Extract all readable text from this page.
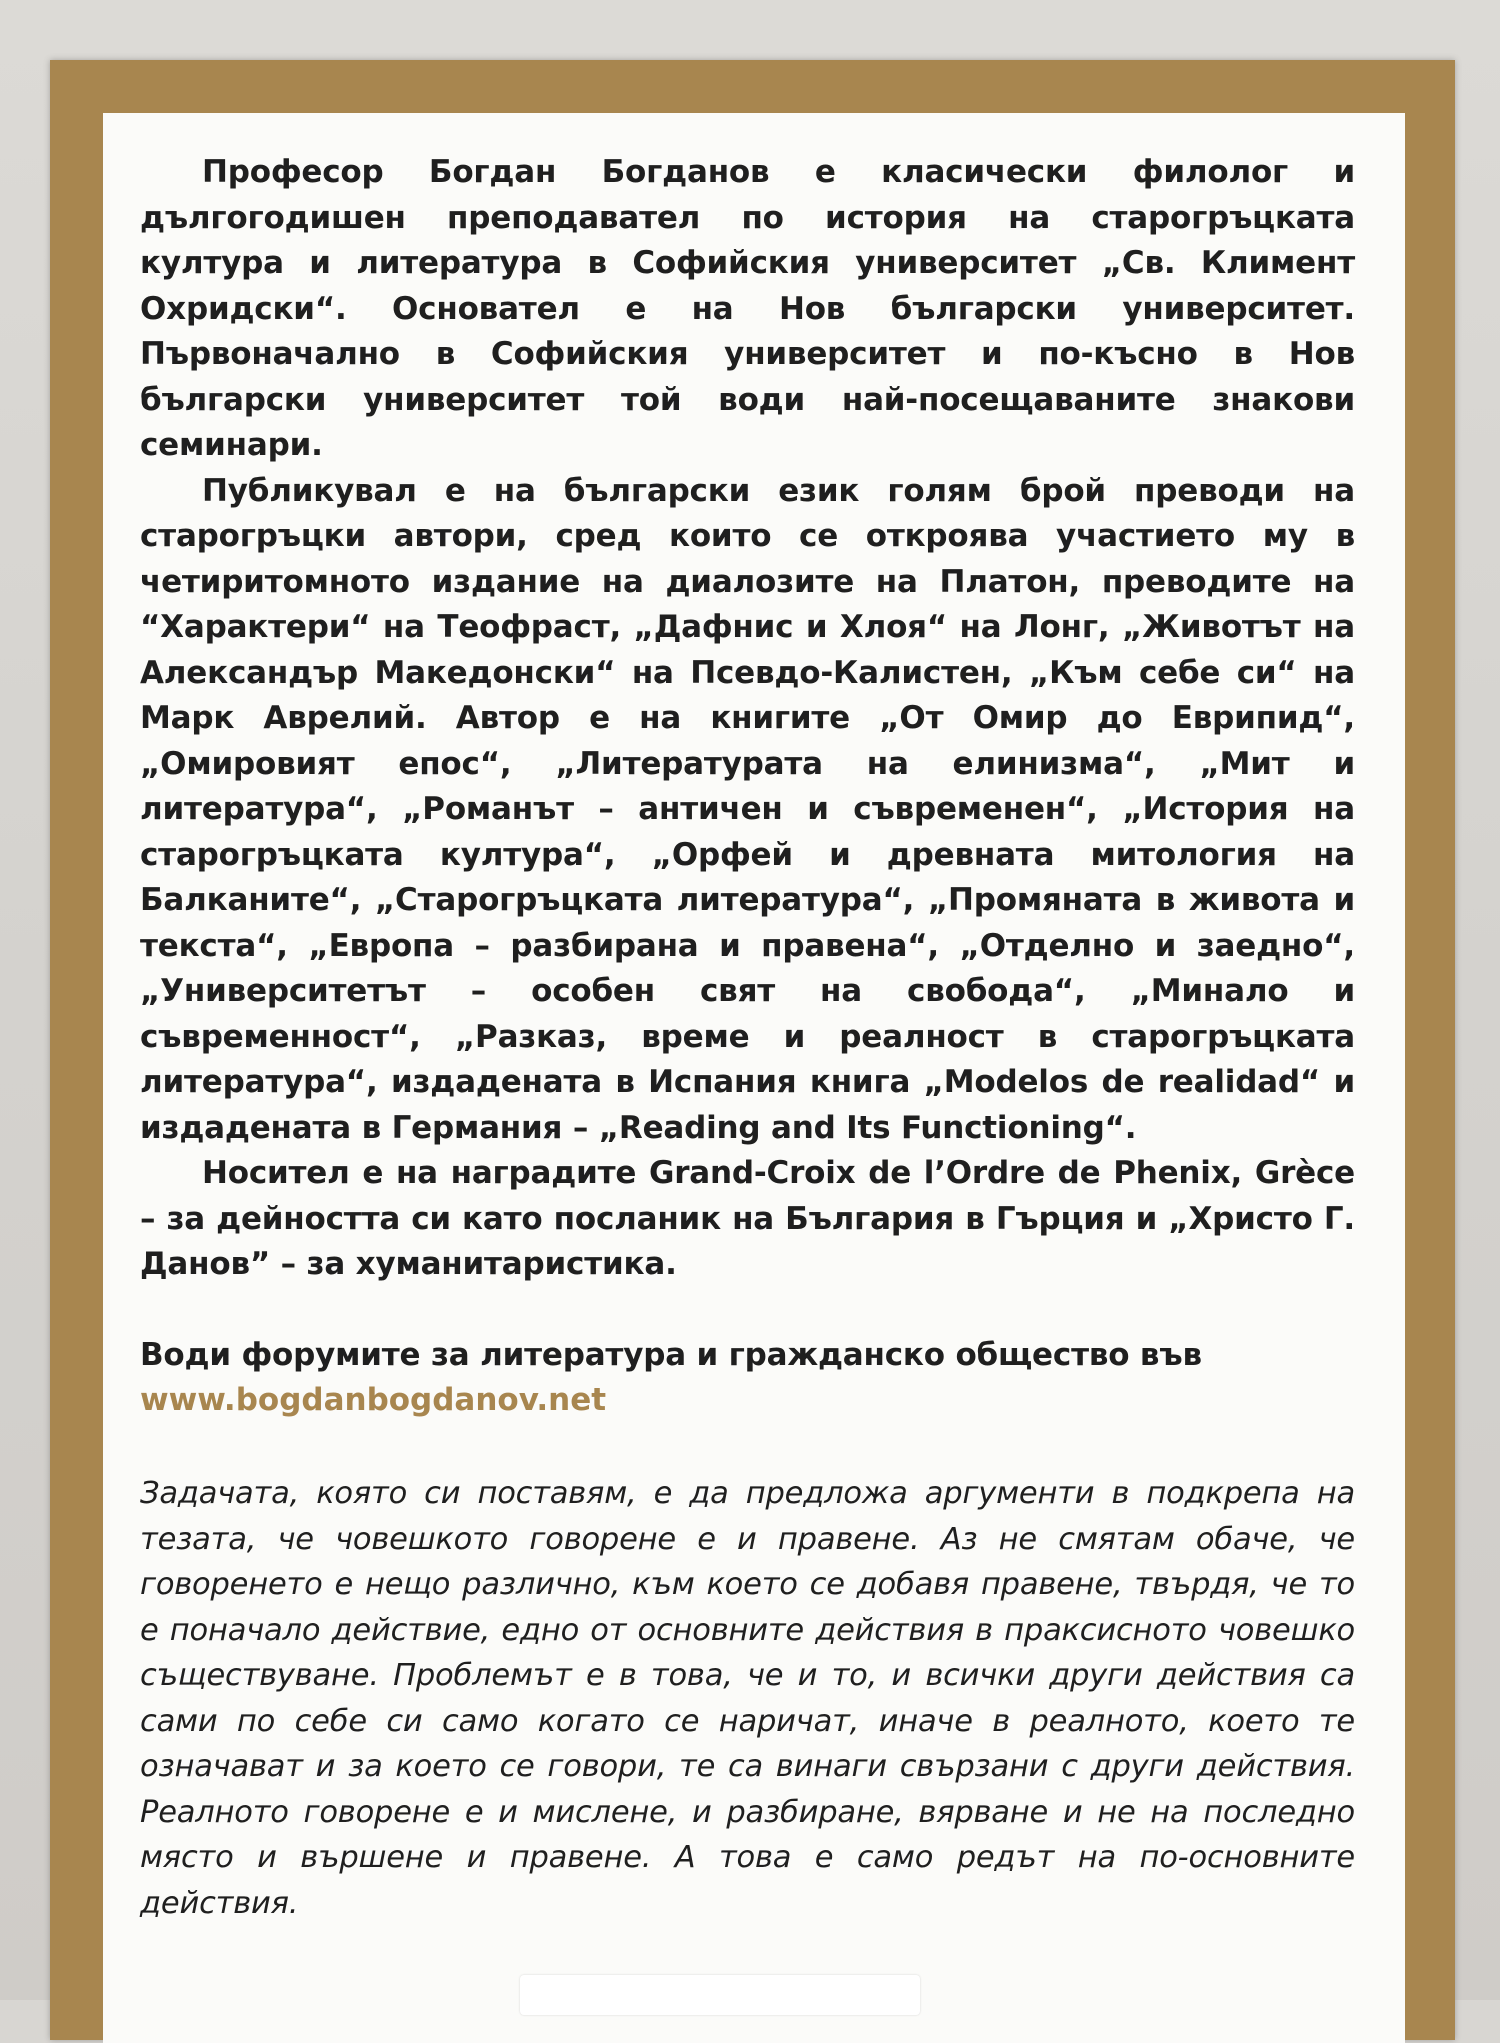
Професор Богдан Богданов е класически филолог и дългогодишен преподавател по история на старогръцката култура и литература в Софийския университет „Св. Климент Охридски“. Основател е на Нов български университет. Първоначално в Софийския университет и по-късно в Нов български университет той води най-посещаваните знакови семинари.

Публикувал е на български език голям брой преводи на старогръцки автори, сред които се откроява участието му в четиритомното издание на диалозите на Платон, преводите на “Характери“ на Теофраст, „Дафнис и Хлоя“ на Лонг, „Животът на Александър Македонски“ на Псевдо-Калистен, „Към себе си“ на Марк Аврелий. Автор е на книгите „От Омир до Еврипид“, „Омировият епос“, „Литературата на елинизма“, „Мит и литература“, „Романът – античен и съвременен“, „История на старогръцката култура“, „Орфей и древната митология на Балканите“, „Старогръцката литература“, „Промяната в живота и текста“, „Европа – разбирана и правена“, „Отделно и заедно“, „Университетът – особен свят на свобода“, „Минало и съвременност“, „Разказ, време и реалност в старогръцката литература“, издадената в Испания книга „Modelos de realidad“ и издадената в Германия – „Reading and Its Functioning“.

Носител е на наградите Grand-Croix de l’Ordre de Phenix, Grèce – за дейността си като посланик на България в Гърция и „Христо Г. Данов” – за хуманитаристика.

Води форумите за литература и гражданско общество във

www.bogdanbogdanov.net
Задачата, която си поставям, е да предложа аргументи в подкрепа на тезата, че човешкото говорене е и правене. Аз не смятам обаче, че говоренето е нещо различно, към което се добавя правене, твърдя, че то е поначало действие, едно от основните действия в праксисното човешко съществуване. Проблемът е в това, че и то, и всички други действия са сами по себе си само когато се наричат, иначе в реалното, което те означават и за което се говори, те са винаги свързани с други действия. Реалното говорене е и мислене, и разбиране, вярване и не на последно място и вършене и правене. А това е само редът на по-основните действия.
